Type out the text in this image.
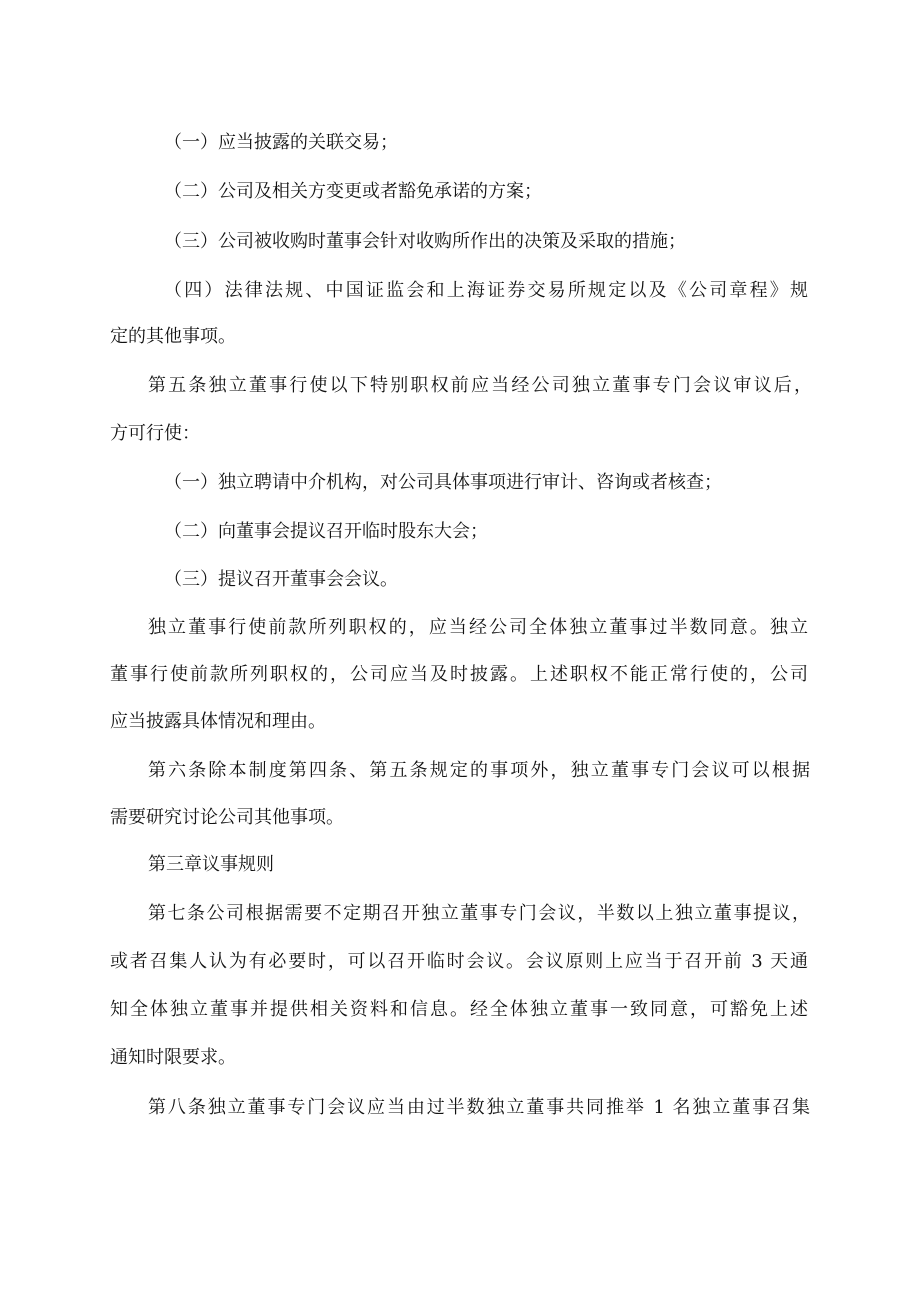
（一）应当披露的关联交易；
（二）公司及相关方变更或者豁免承诺的方案；
（三）公司被收购时董事会针对收购所作出的决策及采取的措施；
（四）法律法规、中国证监会和上海证券交易所规定以及《公司章程》规
定的其他事项。
第五条独立董事行使以下特别职权前应当经公司独立董事专门会议审议后，
方可行使：
（一）独立聘请中介机构，对公司具体事项进行审计、咨询或者核查；
（二）向董事会提议召开临时股东大会；
（三）提议召开董事会会议。
独立董事行使前款所列职权的，应当经公司全体独立董事过半数同意。独立
董事行使前款所列职权的，公司应当及时披露。上述职权不能正常行使的，公司
应当披露具体情况和理由。
第六条除本制度第四条、第五条规定的事项外，独立董事专门会议可以根据
需要研究讨论公司其他事项。
第三章议事规则
第七条公司根据需要不定期召开独立董事专门会议，半数以上独立董事提议，
或者召集人认为有必要时，可以召开临时会议。会议原则上应当于召开前 3 天通
知全体独立董事并提供相关资料和信息。经全体独立董事一致同意，可豁免上述
通知时限要求。
第八条独立董事专门会议应当由过半数独立董事共同推举 1 名独立董事召集
